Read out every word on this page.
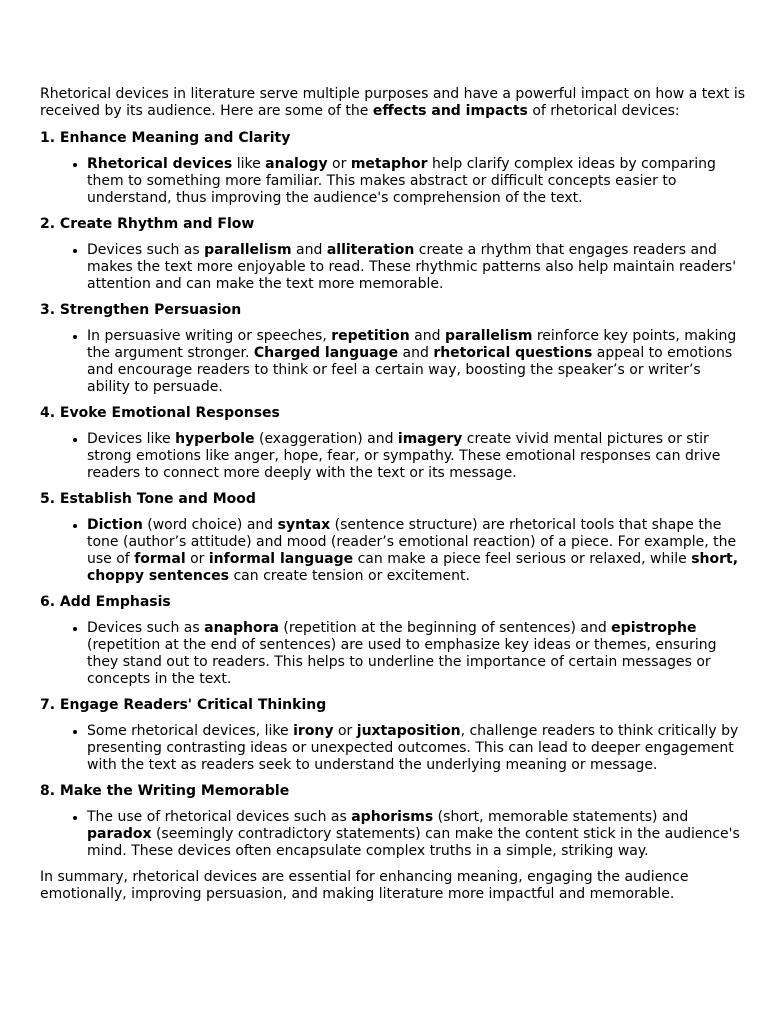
Rhetorical devices in literature serve multiple purposes and have a powerful impact on how a text is received by its audience. Here are some of the effects and impacts of rhetorical devices:

1. Enhance Meaning and Clarity

• Rhetorical devices like analogy or metaphor help clarify complex ideas by comparing them to something more familiar. This makes abstract or difficult concepts easier to understand, thus improving the audience's comprehension of the text.

2. Create Rhythm and Flow

• Devices such as parallelism and alliteration create a rhythm that engages readers and makes the text more enjoyable to read. These rhythmic patterns also help maintain readers' attention and can make the text more memorable.

3. Strengthen Persuasion

• In persuasive writing or speeches, repetition and parallelism reinforce key points, making the argument stronger. Charged language and rhetorical questions appeal to emotions and encourage readers to think or feel a certain way, boosting the speaker’s or writer’s ability to persuade.

4. Evoke Emotional Responses

• Devices like hyperbole (exaggeration) and imagery create vivid mental pictures or stir strong emotions like anger, hope, fear, or sympathy. These emotional responses can drive readers to connect more deeply with the text or its message.

5. Establish Tone and Mood

• Diction (word choice) and syntax (sentence structure) are rhetorical tools that shape the tone (author’s attitude) and mood (reader’s emotional reaction) of a piece. For example, the use of formal or informal language can make a piece feel serious or relaxed, while short, choppy sentences can create tension or excitement.

6. Add Emphasis

• Devices such as anaphora (repetition at the beginning of sentences) and epistrophe (repetition at the end of sentences) are used to emphasize key ideas or themes, ensuring they stand out to readers. This helps to underline the importance of certain messages or concepts in the text.

7. Engage Readers' Critical Thinking

• Some rhetorical devices, like irony or juxtaposition, challenge readers to think critically by presenting contrasting ideas or unexpected outcomes. This can lead to deeper engagement with the text as readers seek to understand the underlying meaning or message.

8. Make the Writing Memorable

• The use of rhetorical devices such as aphorisms (short, memorable statements) and paradox (seemingly contradictory statements) can make the content stick in the audience's mind. These devices often encapsulate complex truths in a simple, striking way.

In summary, rhetorical devices are essential for enhancing meaning, engaging the audience emotionally, improving persuasion, and making literature more impactful and memorable.
